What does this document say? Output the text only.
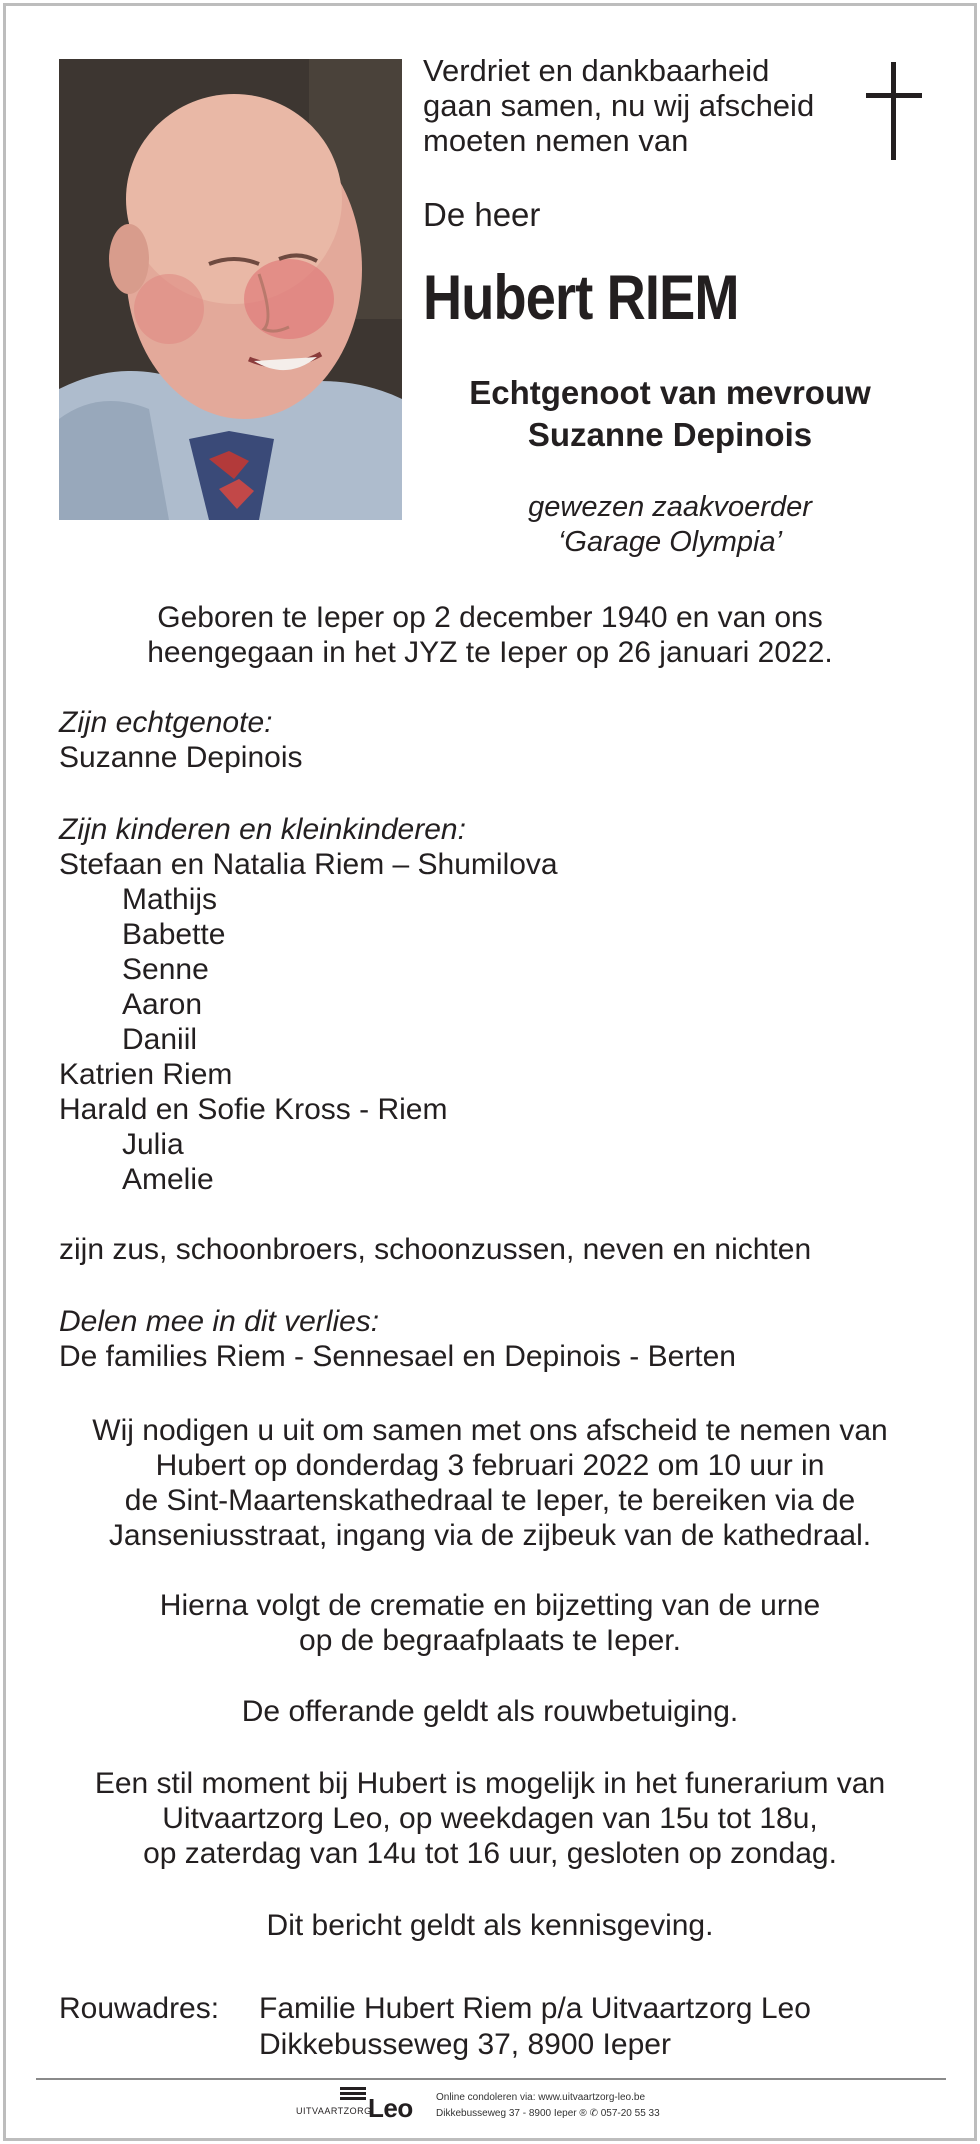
Verdriet en dankbaarheid
gaan samen, nu wij afscheid
moeten nemen van
De heer
Hubert RIEM
Echtgenoot van mevrouw
Suzanne Depinois
gewezen zaakvoerder
‘Garage Olympia’
Geboren te Ieper op 2 december 1940 en van ons
heengegaan in het JYZ te Ieper op 26 januari 2022.
Zijn echtgenote:
Suzanne Depinois
Zijn kinderen en kleinkinderen:
Stefaan en Natalia Riem – Shumilova
Mathijs
Babette
Senne
Aaron
Daniil
Katrien Riem
Harald en Sofie Kross - Riem
Julia
Amelie
zijn zus, schoonbroers, schoonzussen, neven en nichten
Delen mee in dit verlies:
De families Riem - Sennesael en Depinois - Berten
Wij nodigen u uit om samen met ons afscheid te nemen van
Hubert op donderdag 3 februari 2022 om 10 uur in
de Sint-Maartenskathedraal te Ieper, te bereiken via de
Janseniusstraat, ingang via de zijbeuk van de kathedraal.
Hierna volgt de crematie en bijzetting van de urne
op de begraafplaats te Ieper.
De offerande geldt als rouwbetuiging.
Een stil moment bij Hubert is mogelijk in het funerarium van
Uitvaartzorg Leo, op weekdagen van 15u tot 18u,
op zaterdag van 14u tot 16 uur, gesloten op zondag.
Dit bericht geldt als kennisgeving.
Rouwadres: Familie Hubert Riem p/a Uitvaartzorg Leo
Dikkebusseweg 37, 8900 Ieper
UITVAARTZORG
Leo Online condoleren via: www.uitvaartzorg-leo.be
Dikkebusseweg 37 - 8900 Ieper ® ✆ 057-20 55 33
